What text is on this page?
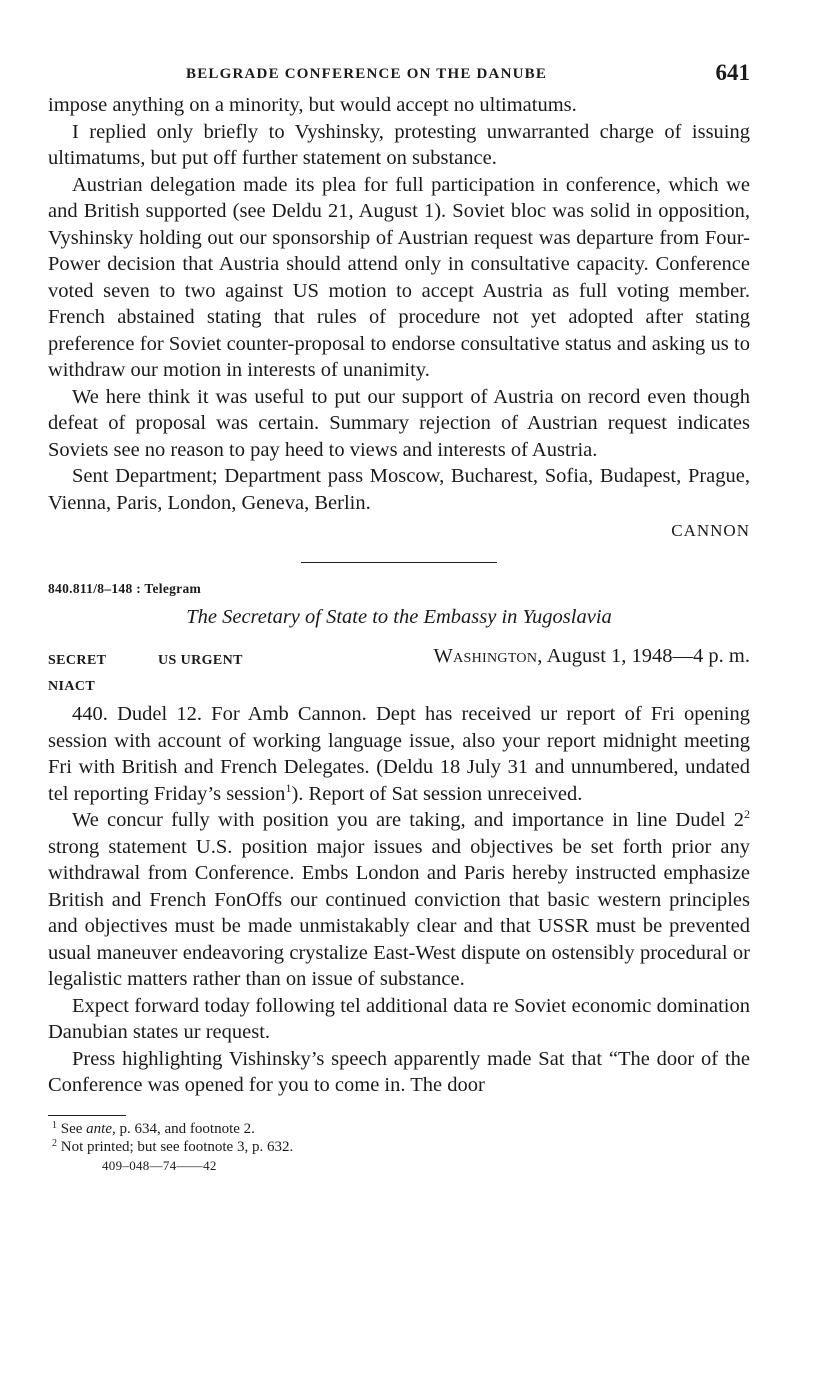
BELGRADE CONFERENCE ON THE DANUBE	641

impose anything on a minority, but would accept no ultimatums.

I replied only briefly to Vyshinsky, protesting unwarranted charge of issuing ultimatums, but put off further statement on substance.

Austrian delegation made its plea for full participation in conference, which we and British supported (see Deldu 21, August 1). Soviet bloc was solid in opposition, Vyshinsky holding out our sponsorship of Austrian request was departure from Four-Power decision that Austria should attend only in consultative capacity. Conference voted seven to two against US motion to accept Austria as full voting member. French abstained stating that rules of procedure not yet adopted after stating preference for Soviet counter-proposal to endorse consultative status and asking us to withdraw our motion in interests of unanimity.

We here think it was useful to put our support of Austria on record even though defeat of proposal was certain. Summary rejection of Austrian request indicates Soviets see no reason to pay heed to views and interests of Austria.

Sent Department; Department pass Moscow, Bucharest, Sofia, Budapest, Prague, Vienna, Paris, London, Geneva, Berlin.

CANNON
840.811/8–148 : Telegram
The Secretary of State to the Embassy in Yugoslavia
SECRET	US URGENT	Washington, August 1, 1948—4 p. m.
NIACT

440. Dudel 12. For Amb Cannon. Dept has received ur report of Fri opening session with account of working language issue, also your report midnight meeting Fri with British and French Delegates. (Deldu 18 July 31 and unnumbered, undated tel reporting Friday’s session$^1$). Report of Sat session unreceived.

We concur fully with position you are taking, and importance in line Dudel $2^2$ strong statement U.S. position major issues and objectives be set forth prior any withdrawal from Conference. Embs London and Paris hereby instructed emphasize British and French FonOffs our continued conviction that basic western principles and objectives must be made unmistakably clear and that USSR must be prevented usual maneuver endeavoring crystalize East-West dispute on ostensibly procedural or legalistic matters rather than on issue of substance.

Expect forward today following tel additional data re Soviet economic domination Danubian states ur request.

Press highlighting Vishinsky’s speech apparently made Sat that “The door of the Conference was opened for you to come in. The door

$^1$ See ante, p. 634, and footnote 2.
$^2$ Not printed; but see footnote 3, p. 632.
409–048—74——42
